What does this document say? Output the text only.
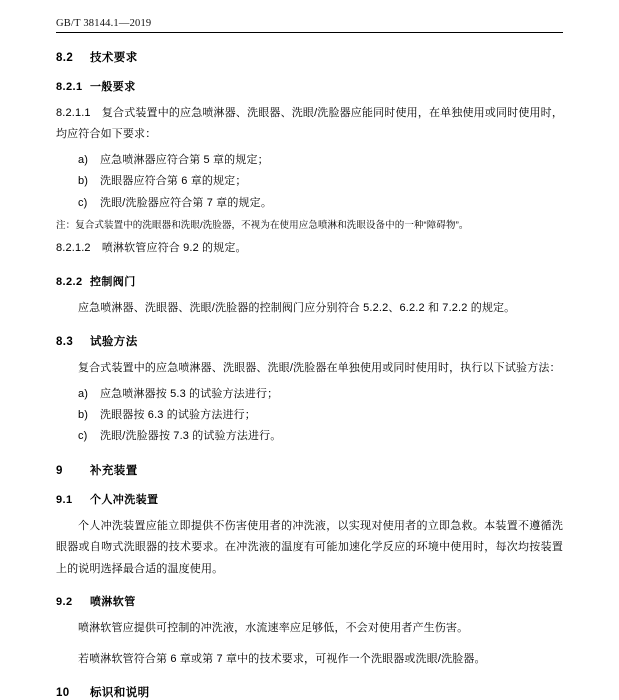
GB/T 38144.1—2019
8.2 技术要求
8.2.1 一般要求

8.2.1.1　复合式装置中的应急喷淋器、洗眼器、洗眼/洗脸器应能同时使用，在单独使用或同时使用时，均应符合如下要求：

a) 应急喷淋器应符合第 5 章的规定；
b) 洗眼器应符合第 6 章的规定；
c) 洗眼/洗脸器应符合第 7 章的规定。

注：复合式装置中的洗眼器和洗眼/洗脸器，不视为在使用应急喷淋和洗眼设备中的一种“障碍物”。

8.2.1.2　喷淋软管应符合 9.2 的规定。

8.2.2 控制阀门

应急喷淋器、洗眼器、洗眼/洗脸器的控制阀门应分别符合 5.2.2、6.2.2 和 7.2.2 的规定。

8.3 试验方法

复合式装置中的应急喷淋器、洗眼器、洗眼/洗脸器在单独使用或同时使用时，执行以下试验方法：

a) 应急喷淋器按 5.3 的试验方法进行；
b) 洗眼器按 6.3 的试验方法进行；
c) 洗眼/洗脸器按 7.3 的试验方法进行。
9 补充装置
9.1 个人冲洗装置

个人冲洗装置应能立即提供不伤害使用者的冲洗液，以实现对使用者的立即急救。本装置不遵循洗眼器或自吻式洗眼器的技术要求。在冲洗液的温度有可能加速化学反应的环境中使用时，每次均按装置上的说明选择最合适的温度使用。

9.2 喷淋软管

喷淋软管应提供可控制的冲洗液，水流速率应足够低，不会对使用者产生伤害。

若喷淋软管符合第 6 章或第 7 章中的技术要求，可视作一个洗眼器或洗眼/洗脸器。

10 标识和说明
